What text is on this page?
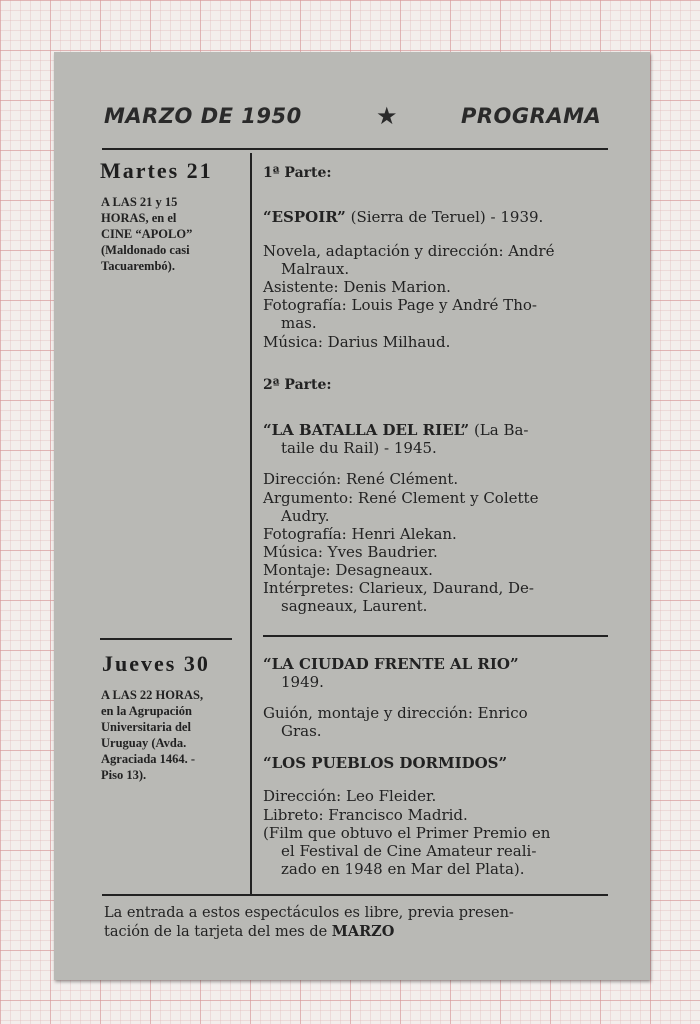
MARZO DE 1950	★	PROGRAMA
Martes 21
A LAS 21 y 15
HORAS, en el
CINE “APOLO”
(Maldonado casi
Tacuarembó).
1ª Parte:
“ESPOIR” (Sierra de Teruel) - 1939.
Novela, adaptación y dirección: André
Malraux.
Asistente: Denis Marion.
Fotografía: Louis Page y André Tho-
mas.
Música: Darius Milhaud.
2ª Parte:
“LA BATALLA DEL RIEL” (La Ba-
taile du Rail) - 1945.
Dirección: René Clément.
Argumento: René Clement y Colette
Audry.
Fotografía: Henri Alekan.
Música: Yves Baudrier.
Montaje: Desagneaux.
Intérpretes: Clarieux, Daurand, De-
sagneaux, Laurent.
Jueves 30
A LAS 22 HORAS,
en la Agrupación
Universitaria del
Uruguay (Avda.
Agraciada 1464. -
Piso 13).
“LA CIUDAD FRENTE AL RIO”
1949.
Guión, montaje y dirección: Enrico
Gras.
“LOS PUEBLOS DORMIDOS”
Dirección: Leo Fleider.
Libreto: Francisco Madrid.
(Film que obtuvo el Primer Premio en
el Festival de Cine Amateur reali-
zado en 1948 en Mar del Plata).
La entrada a estos espectáculos es libre, previa presen-
tación de la tarjeta del mes de MARZO
